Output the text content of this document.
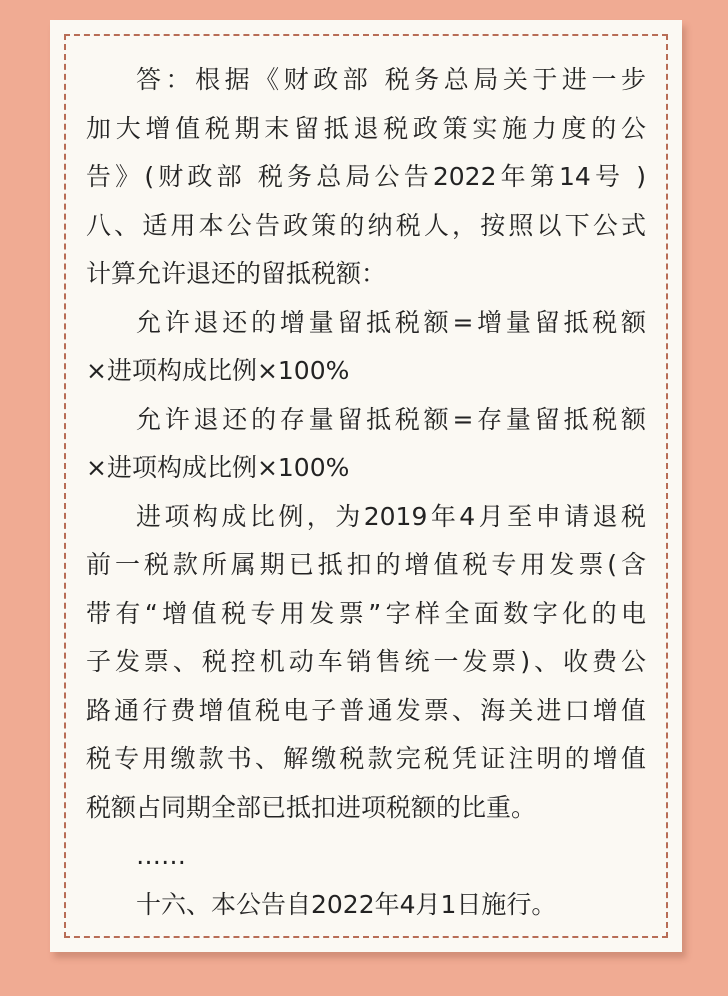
答：根据《财政部 税务总局关于进一步
加大增值税期末留抵退税政策实施力度的公
告》(财政部 税务总局公告2022年第14号 )
八、适用本公告政策的纳税人，按照以下公式
计算允许退还的留抵税额：
允许退还的增量留抵税额=增量留抵税额
×进项构成比例×100%
允许退还的存量留抵税额=存量留抵税额
×进项构成比例×100%
进项构成比例，为2019年4月至申请退税
前一税款所属期已抵扣的增值税专用发票(含
带有“增值税专用发票”字样全面数字化的电
子发票、税控机动车销售统一发票)、收费公
路通行费增值税电子普通发票、海关进口增值
税专用缴款书、解缴税款完税凭证注明的增值
税额占同期全部已抵扣进项税额的比重。
……
十六、本公告自2022年4月1日施行。
